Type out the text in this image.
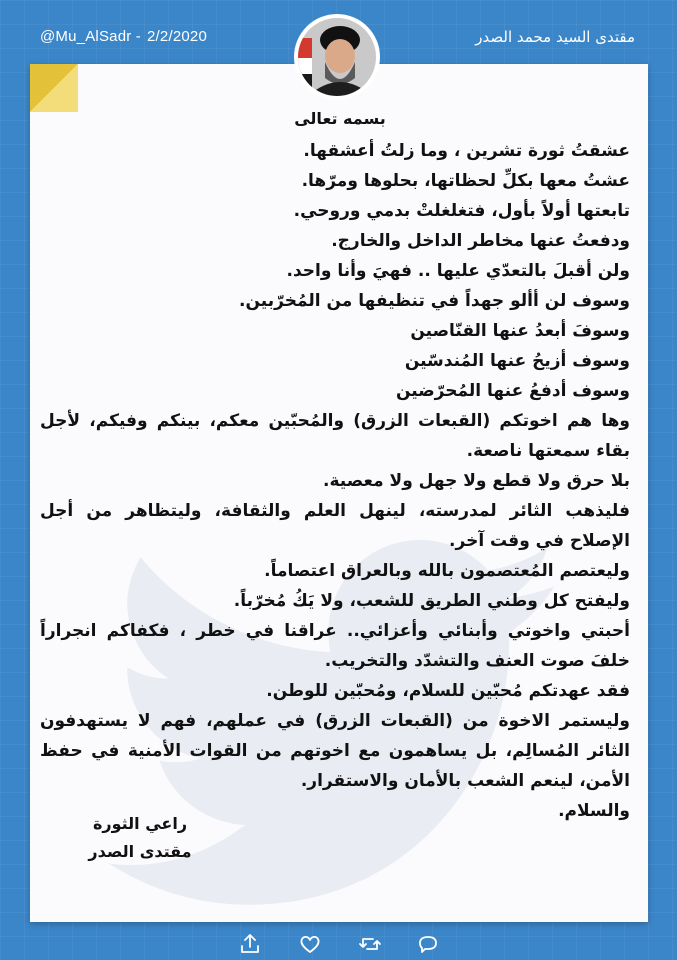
@Mu_AlSadr - 2/2/2020	مقتدى السيد محمد الصدر
بسمه تعالى
عشقتُ ثورة تشرين ، وما زلتُ أعشقها.
عشتُ معها بكلِّ لحظاتها، بحلوها ومرّها.
تابعتها أولاً بأول، فتغلغلتْ بدمي وروحي.
ودفعتُ عنها مخاطر الداخل والخارج.
ولن أقبلَ بالتعدّي عليها .. فهيَ وأنا واحد.
وسوف لن أألو جهداً في تنظيفها من المُخرّبين.
وسوفَ أبعدُ عنها القنّاصين
وسوف أزيحُ عنها المُندسّين
وسوف أدفعُ عنها المُحرّضين
وها هم اخوتكم (القبعات الزرق) والمُحبّين معكم، بينكم وفيكم، لأجل بقاء سمعتها ناصعة.
بلا حرق ولا قطع ولا جهل ولا معصية.
فليذهب الثائر لمدرسته، لينهل العلم والثقافة، وليتظاهر من أجل الإصلاح في وقت آخر.
وليعتصم المُعتصمون بالله وبالعراق اعتصاماً.
وليفتح كل وطني الطريق للشعب، ولا يَكُ مُخرّباً.
أحبتي واخوتي وأبنائي وأعزائي.. عراقنا في خطر ، فكفاكم انجراراً خلفَ صوت العنف والتشدّد والتخريب.
فقد عهدتكم مُحبّين للسلام، ومُحبّين للوطن.
وليستمر الاخوة من (القبعات الزرق) في عملهم، فهم لا يستهدفون الثائر المُسالِم، بل يساهمون مع اخوتهم من القوات الأمنية في حفظ الأمن، لينعم الشعب بالأمان والاستقرار.
والسلام.
راعي الثورة
مقتدى الصدر
